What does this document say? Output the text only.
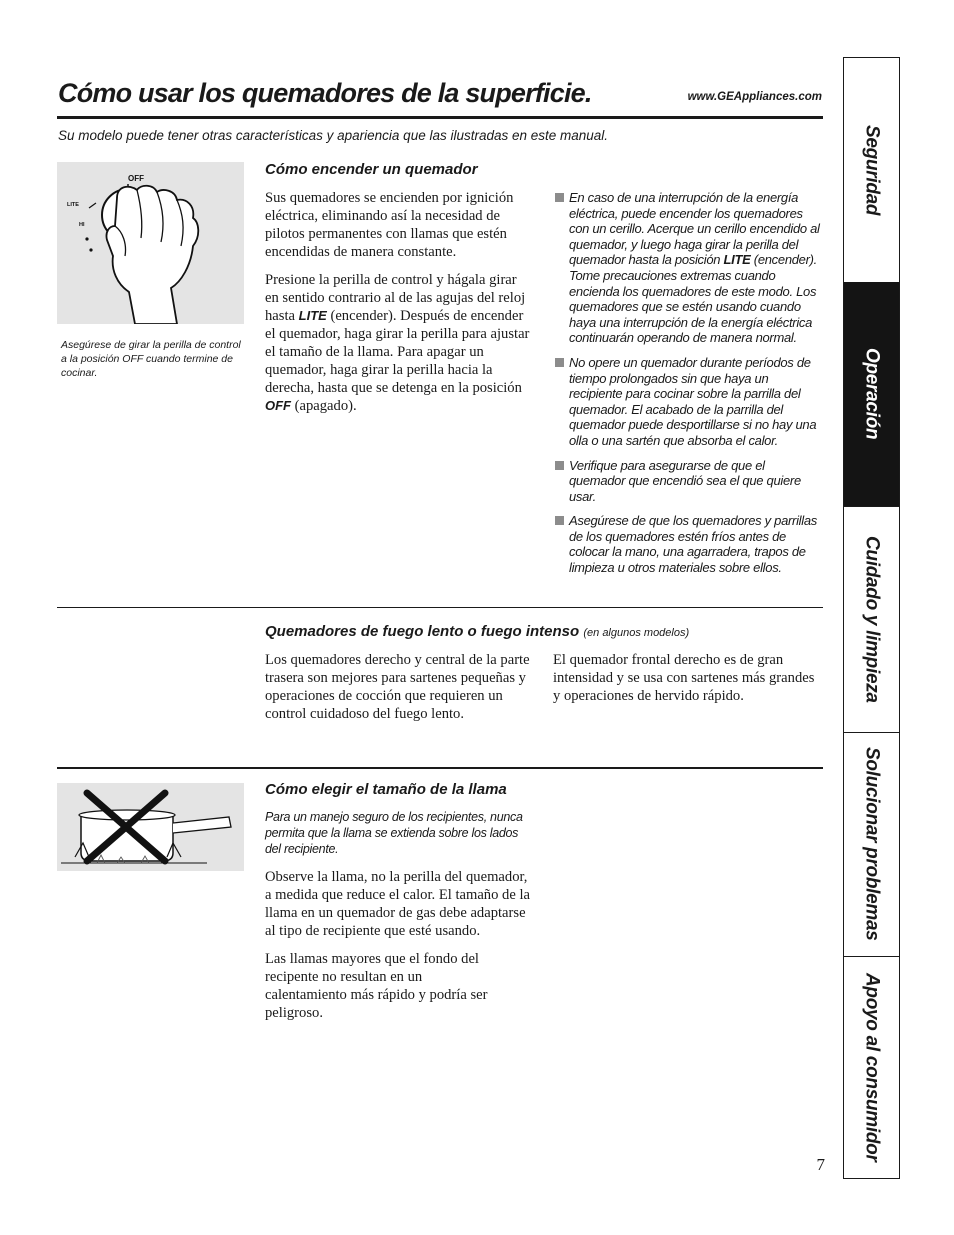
Cómo usar los quemadores de la superficie.	www.GEAppliances.com
Su modelo puede tener otras características y apariencia que las ilustradas en este manual.
OFF
LITE
HI
Asegúrese de girar la perilla de control a la posición OFF cuando termine de cocinar.
Cómo encender un quemador

Sus quemadores se encienden por ignición eléctrica, eliminando así la necesidad de pilotos permanentes con llamas que estén encendidas de manera constante.

Presione la perilla de control y hágala girar en sentido contrario al de las agujas del reloj hasta LITE (encender). Después de encender el quemador, haga girar la perilla para ajustar el tamaño de la llama. Para apagar un quemador, haga girar la perilla hacia la derecha, hasta que se detenga en la posición OFF (apagado).

En caso de una interrupción de la energía eléctrica, puede encender los quemadores con un cerillo. Acerque un cerillo encendido al quemador, y luego haga girar la perilla del quemador hasta la posición LITE (encender). Tome precauciones extremas cuando encienda los quemadores de este modo. Los quemadores que se estén usando cuando haya una interrupción de la energía eléctrica continuarán operando de manera normal.
No opere un quemador durante períodos de tiempo prolongados sin que haya un recipiente para cocinar sobre la parrilla del quemador. El acabado de la parrilla del quemador puede desportillarse si no hay una olla o una sartén que absorba el calor.
Verifique para asegurarse de que el quemador que encendió sea el que quiere usar.
Asegúrese de que los quemadores y parrillas de los quemadores estén fríos antes de colocar la mano, una agarradera, trapos de limpieza u otros materiales sobre ellos.
Quemadores de fuego lento o fuego intenso (en algunos modelos)
Los quemadores derecho y central de la parte trasera son mejores para sartenes pequeñas y operaciones de cocción que requieren un control cuidadoso del fuego lento.
El quemador frontal derecho es de gran intensidad y se usa con sartenes más grandes y operaciones de hervido rápido.
Cómo elegir el tamaño de la llama
Para un manejo seguro de los recipientes, nunca permita que la llama se extienda sobre los lados del recipiente.

Observe la llama, no la perilla del quemador, a medida que reduce el calor. El tamaño de la llama en un quemador de gas debe adaptarse al tipo de recipiente que esté usando.

Las llamas mayores que el fondo del recipente no resultan en un calentamiento más rápido y podría ser peligroso.

Seguridad
Operación
Cuidado y limpieza
Solucionar problemas
Apoyo al consumidor
7
